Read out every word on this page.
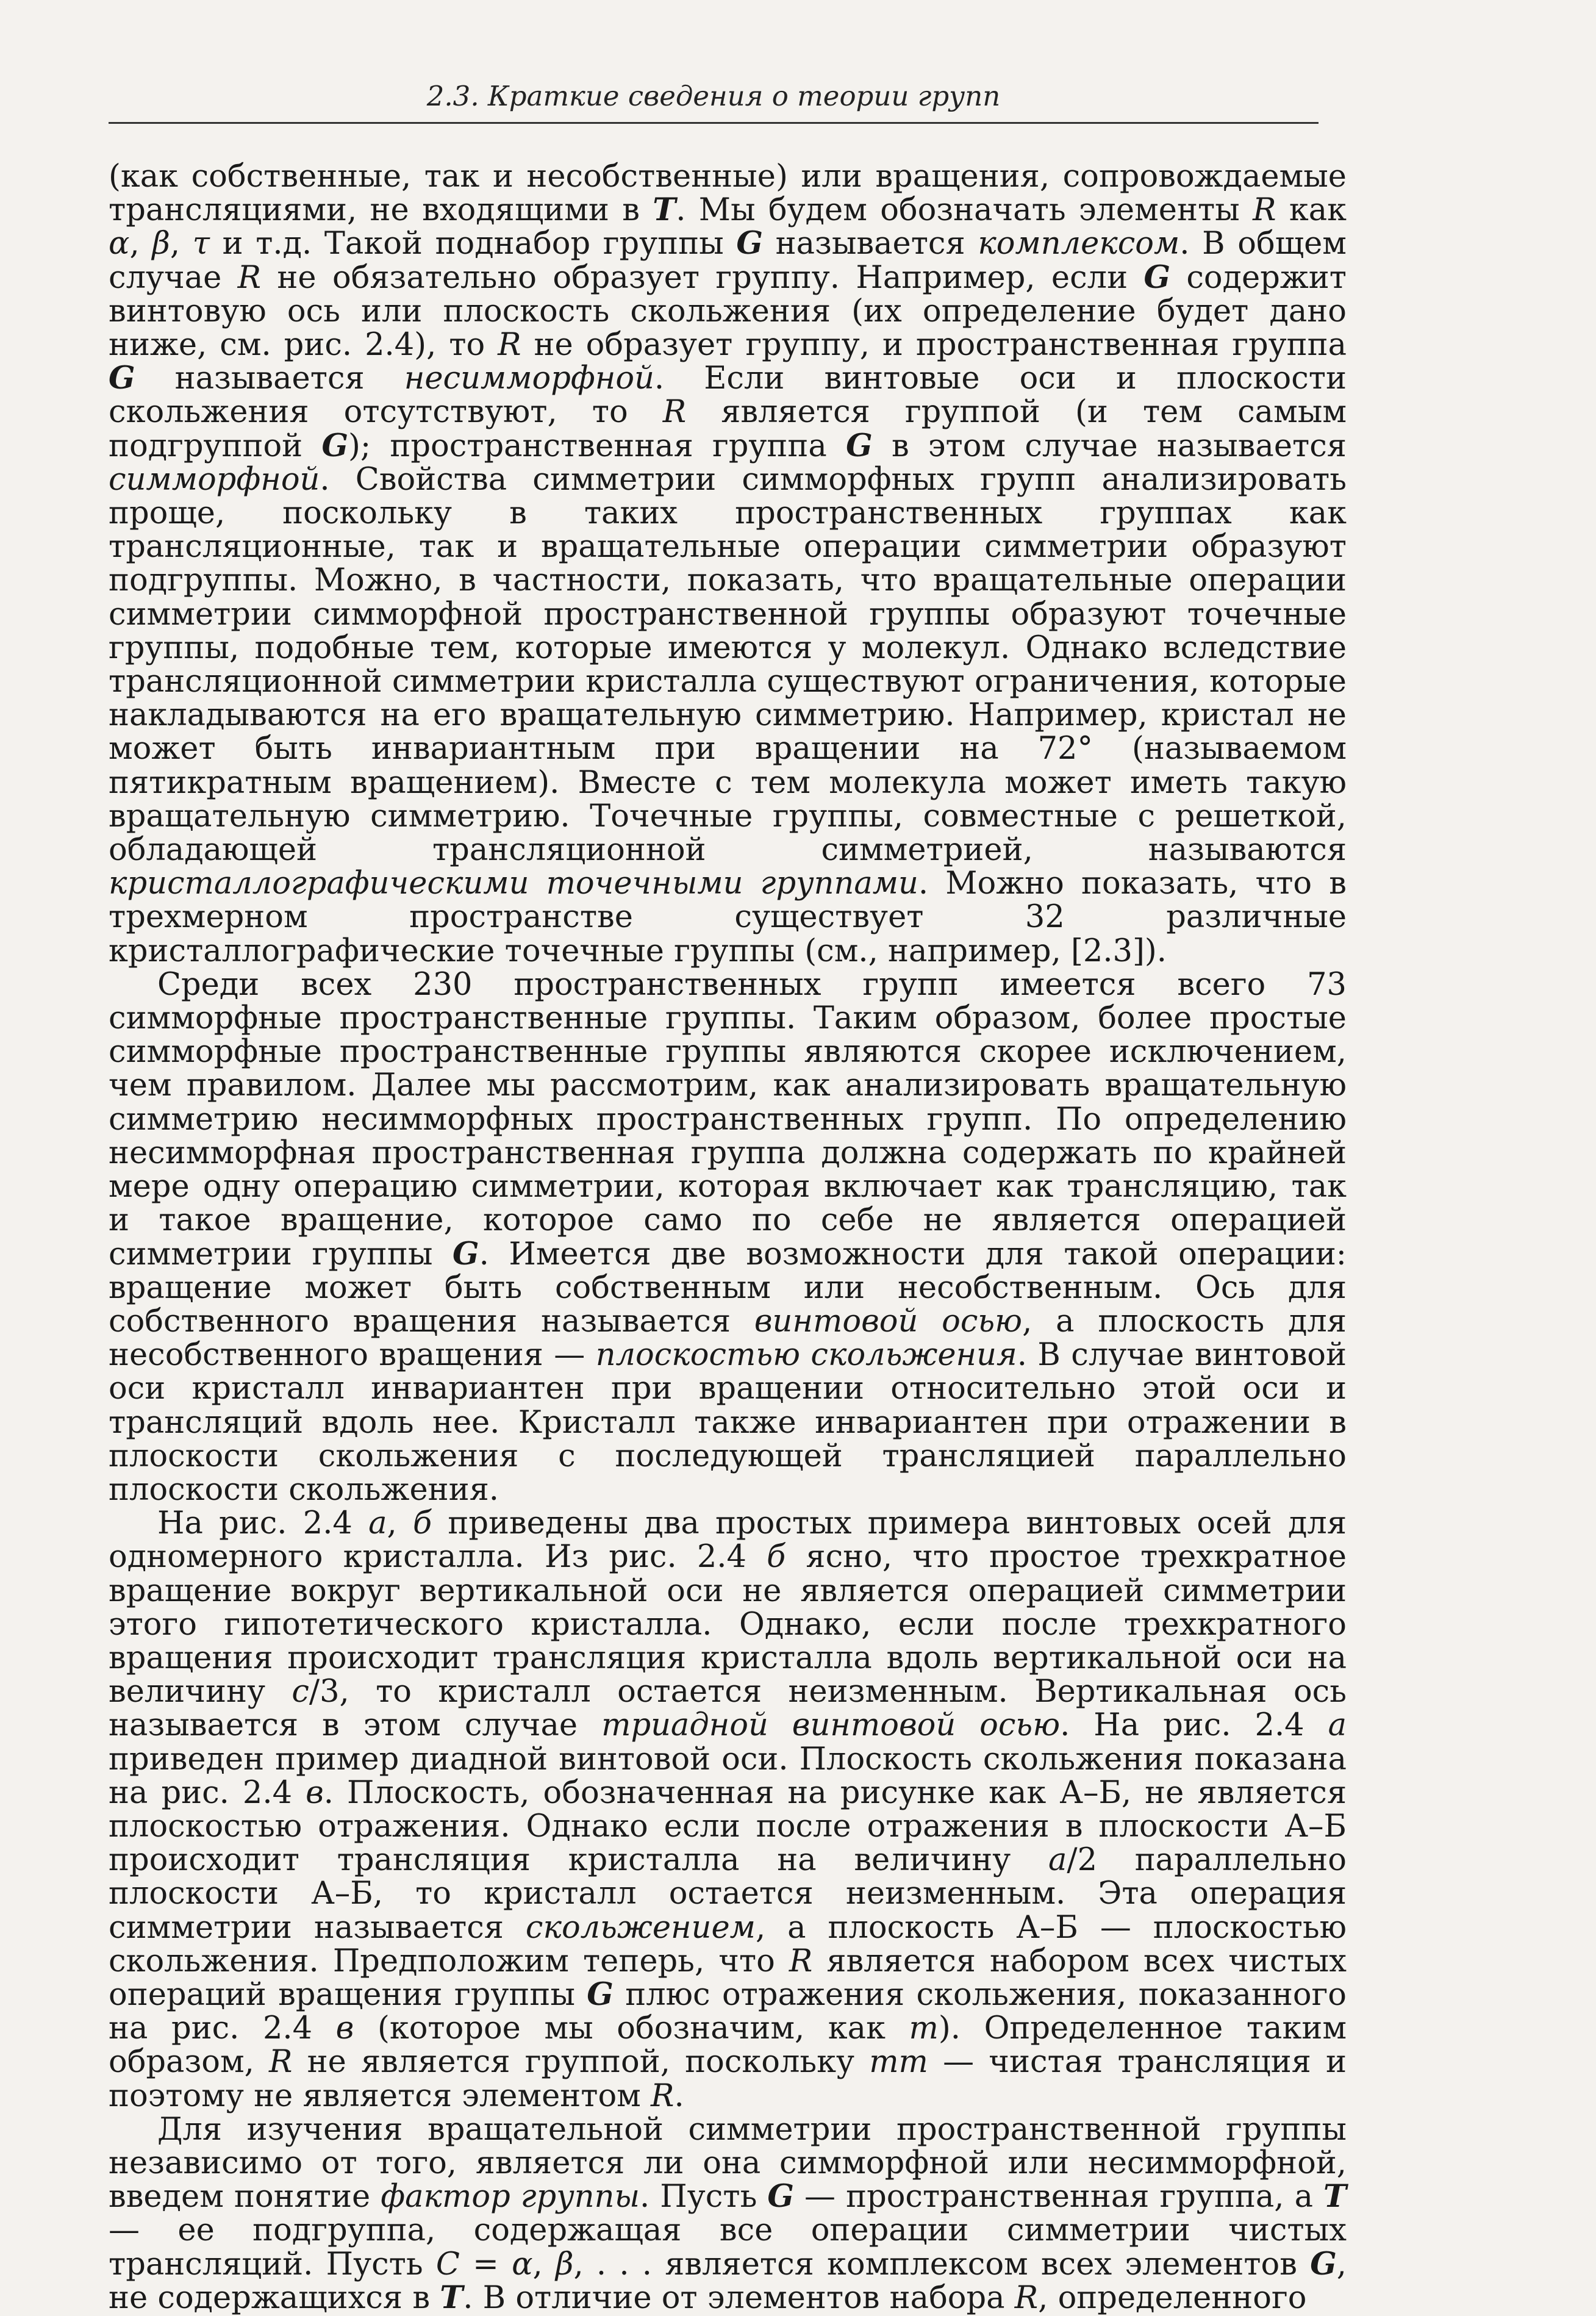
2.3. Краткие сведения о теории групп

(как собственные, так и несобственные) или вращения, сопровождаемые трансляциями, не входящими в T. Мы будем обозначать элементы R как α, β, τ и т.д. Такой поднабор группы G называется комплексом. В общем случае R не обязательно образует группу. Например, если G содержит винтовую ось или плоскость скольжения (их определение будет дано ниже, см. рис. 2.4), то R не образует группу, и пространственная группа G называется несимморфной. Если винтовые оси и плоскости скольжения отсутствуют, то R является группой (и тем самым подгруппой G); пространственная группа G в этом случае называется симморфной. Свойства симметрии симморфных групп анализировать проще, поскольку в таких пространственных группах как трансляционные, так и вращательные операции симметрии образуют подгруппы. Можно, в частности, показать, что вращательные операции симметрии симморфной пространственной группы образуют точечные группы, подобные тем, которые имеются у молекул. Однако вследствие трансляционной симметрии кристалла существуют ограничения, которые накладываются на его вращательную симметрию. Например, кристал не может быть инвариантным при вращении на 72° (называемом пятикратным вращением). Вместе с тем молекула может иметь такую вращательную симметрию. Точечные группы, совместные с решеткой, обладающей трансляционной симметрией, называются кристаллографическими точечными группами. Можно показать, что в трехмерном пространстве существует 32 различные кристаллографические точечные группы (см., например, [2.3]).

Среди всех 230 пространственных групп имеется всего 73 симморфные пространственные группы. Таким образом, более простые симморфные пространственные группы являются скорее исключением, чем правилом. Далее мы рассмотрим, как анализировать вращательную симметрию несимморфных пространственных групп. По определению несимморфная пространственная группа должна содержать по крайней мере одну операцию симметрии, которая включает как трансляцию, так и такое вращение, которое само по себе не является операцией симметрии группы G. Имеется две возможности для такой операции: вращение может быть собственным или несобственным. Ось для собственного вращения называется винтовой осью, а плоскость для несобственного вращения — плоскостью скольжения. В случае винтовой оси кристалл инвариантен при вращении относительно этой оси и трансляций вдоль нее. Кристалл также инвариантен при отражении в плоскости скольжения с последующей трансляцией параллельно плоскости скольжения.

На рис. 2.4 а, б приведены два простых примера винтовых осей для одномерного кристалла. Из рис. 2.4 б ясно, что простое трехкратное вращение вокруг вертикальной оси не является операцией симметрии этого гипотетического кристалла. Однако, если после трехкратного вращения происходит трансляция кристалла вдоль вертикальной оси на величину c/3, то кристалл остается неизменным. Вертикальная ось называется в этом случае триадной винтовой осью. На рис. 2.4 а приведен пример диадной винтовой оси. Плоскость скольжения показана на рис. 2.4 в. Плоскость, обозначенная на рисунке как А–Б, не является плоскостью отражения. Однако если после отражения в плоскости А–Б происходит трансляция кристалла на величину a/2 параллельно плоскости А–Б, то кристалл остается неизменным. Эта операция симметрии называется скольжением, а плоскость А–Б — плоскостью скольжения. Предположим теперь, что R является набором всех чистых операций вращения группы G плюс отражения скольжения, показанного на рис. 2.4 в (которое мы обозначим, как m). Определенное таким образом, R не является группой, поскольку mm — чистая трансляция и поэтому не является элементом R.

Для изучения вращательной симметрии пространственной группы независимо от того, является ли она симморфной или несимморфной, введем понятие фактор группы. Пусть G — пространственная группа, а T — ее подгруппа, содержащая все операции симметрии чистых трансляций. Пусть C = α, β, . . . является комплексом всех элементов G, не содержащихся в T. В отличие от элементов набора R, определенного
